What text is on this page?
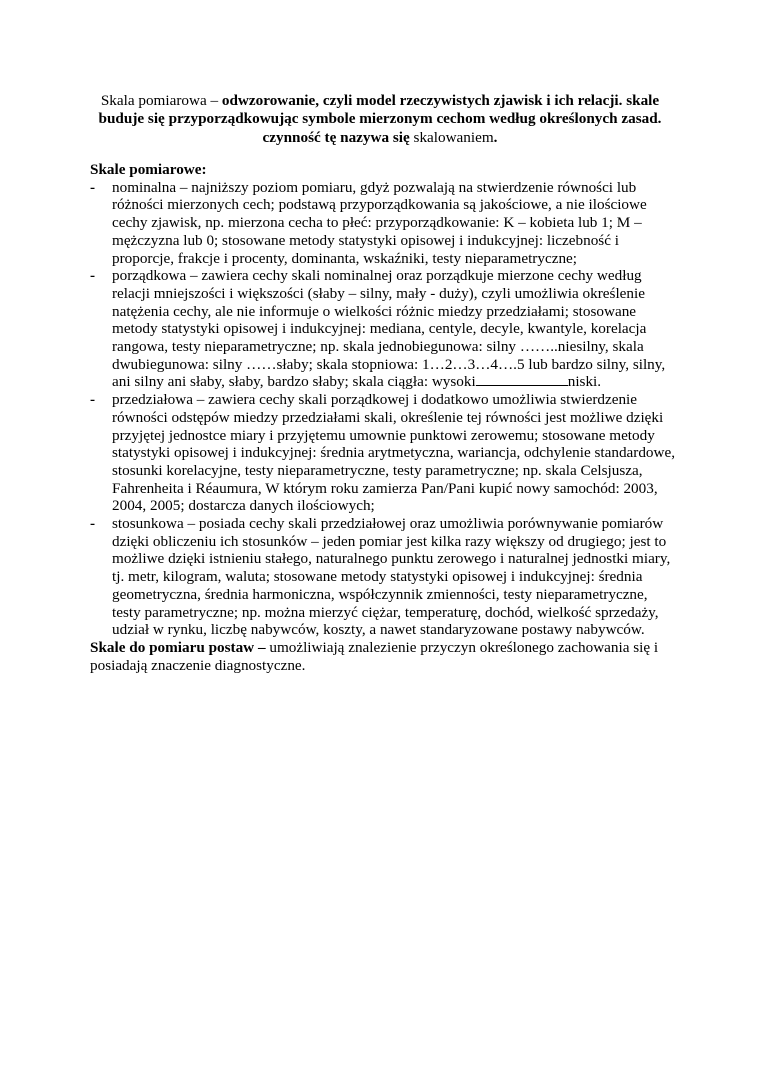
Skala pomiarowa – odwzorowanie, czyli model rzeczywistych zjawisk i ich relacji. skale buduje się przyporządkowując symbole mierzonym cechom według określonych zasad. czynność tę nazywa się skalowaniem.

Skale pomiarowe:

- nominalna – najniższy poziom pomiaru, gdyż pozwalają na stwierdzenie równości lub różności mierzonych cech; podstawą przyporządkowania są jakościowe, a nie ilościowe cechy zjawisk, np. mierzona cecha to płeć: przyporządkowanie: K – kobieta lub 1; M – mężczyzna lub 0; stosowane metody statystyki opisowej i indukcyjnej: liczebność i proporcje, frakcje i procenty, dominanta, wskaźniki, testy nieparametryczne;
- porządkowa – zawiera cechy skali nominalnej oraz porządkuje mierzone cechy według relacji mniejszości i większości (słaby – silny, mały - duży), czyli umożliwia określenie natężenia cechy, ale nie informuje o wielkości różnic miedzy przedziałami; stosowane metody statystyki opisowej i indukcyjnej: mediana, centyle, decyle, kwantyle, korelacja rangowa, testy nieparametryczne; np. skala jednobiegunowa: silny ……..niesilny, skala dwubiegunowa: silny ……słaby; skala stopniowa: 1…2…3…4….5 lub bardzo silny, silny, ani silny ani słaby, słaby, bardzo słaby; skala ciągła: wysoki	niski.
- przedziałowa – zawiera cechy skali porządkowej i dodatkowo umożliwia stwierdzenie równości odstępów miedzy przedziałami skali, określenie tej równości jest możliwe dzięki przyjętej jednostce miary i przyjętemu umownie punktowi zerowemu; stosowane metody statystyki opisowej i indukcyjnej: średnia arytmetyczna, wariancja, odchylenie standardowe, stosunki korelacyjne, testy nieparametryczne, testy parametryczne; np. skala Celsjusza, Fahrenheita i Réaumura, W którym roku zamierza Pan/Pani kupić nowy samochód: 2003, 2004, 2005; dostarcza danych ilościowych;
- stosunkowa – posiada cechy skali przedziałowej oraz umożliwia porównywanie pomiarów dzięki obliczeniu ich stosunków – jeden pomiar jest kilka razy większy od drugiego; jest to możliwe dzięki istnieniu stałego, naturalnego punktu zerowego i naturalnej jednostki miary, tj. metr, kilogram, waluta; stosowane metody statystyki opisowej i indukcyjnej: średnia geometryczna, średnia harmoniczna, współczynnik zmienności, testy nieparametryczne, testy parametryczne; np. można mierzyć ciężar, temperaturę, dochód, wielkość sprzedaży, udział w rynku, liczbę nabywców, koszty, a nawet standaryzowane postawy nabywców.

Skale do pomiaru postaw – umożliwiają znalezienie przyczyn określonego zachowania się i posiadają znaczenie diagnostyczne.
